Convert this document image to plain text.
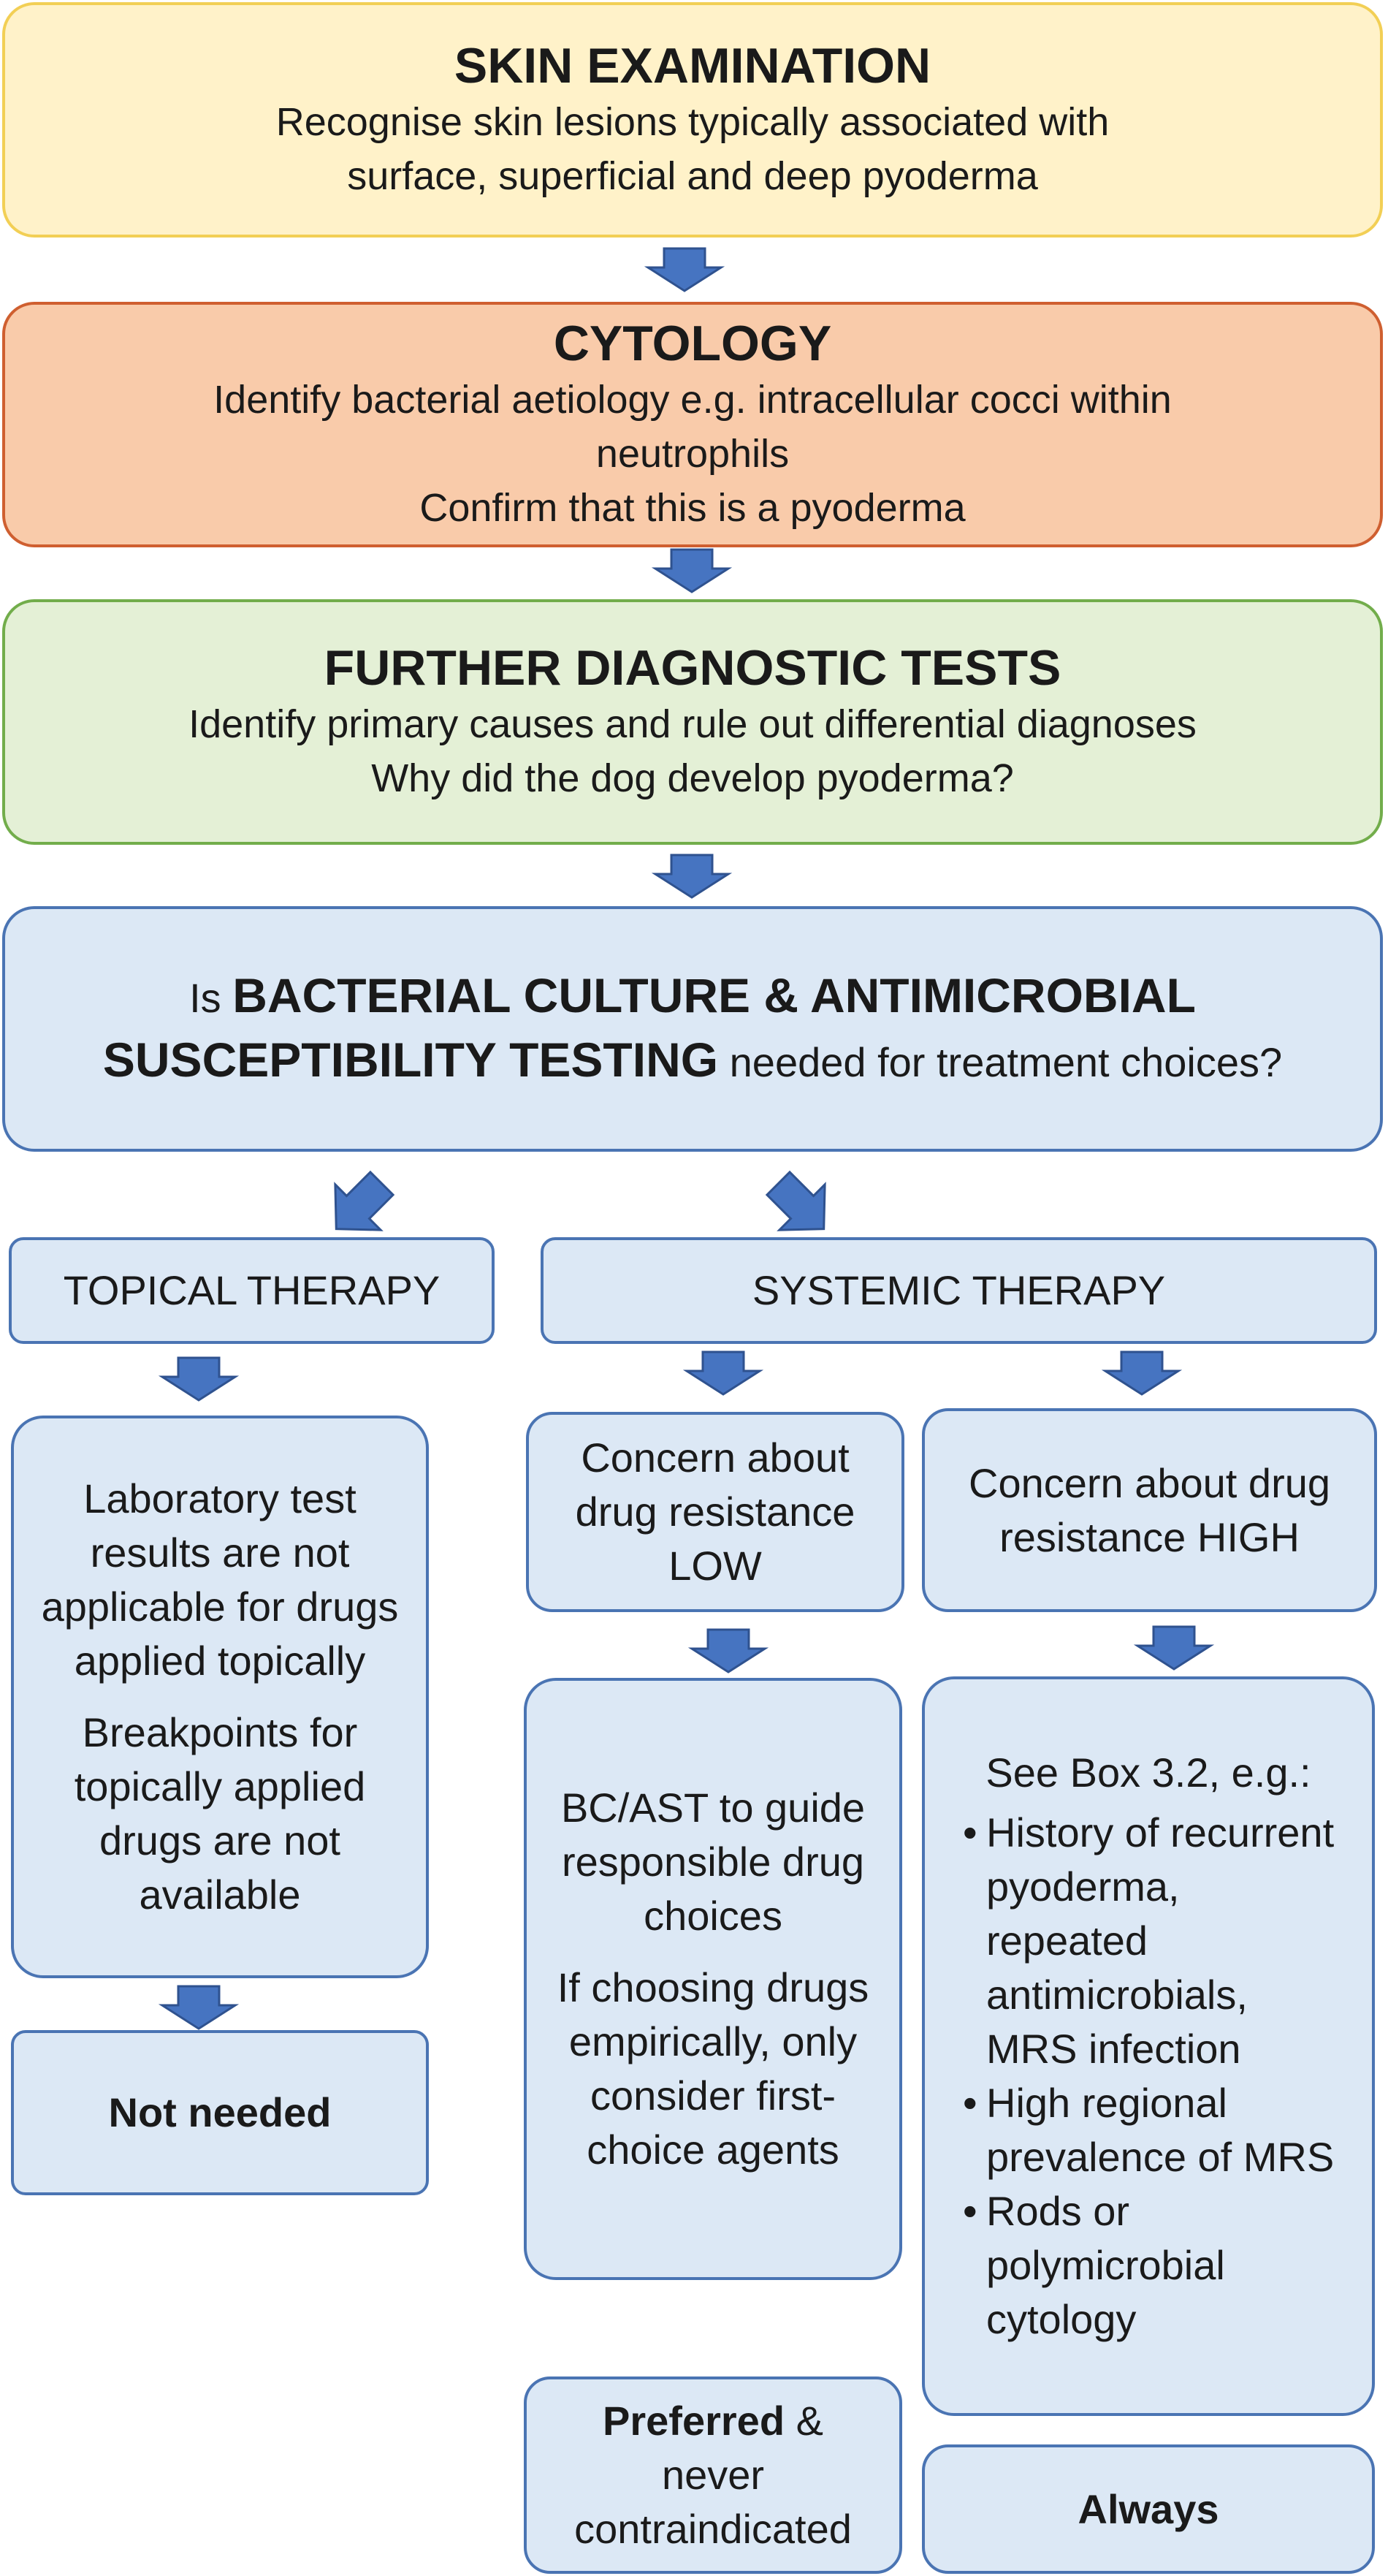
SKIN EXAMINATION
Recognise skin lesions typically associated with
surface, superficial and deep pyoderma
CYTOLOGY
Identify bacterial aetiology e.g. intracellular cocci within
neutrophils
Confirm that this is a pyoderma
FURTHER DIAGNOSTIC TESTS
Identify primary causes and rule out differential diagnoses
Why did the dog develop pyoderma?
Is BACTERIAL CULTURE & ANTIMICROBIAL
SUSCEPTIBILITY TESTING needed for treatment choices?
TOPICAL THERAPY	SYSTEMIC THERAPY
Laboratory test results are not applicable for drugs applied topically
Breakpoints for topically applied drugs are not available
Not needed
Concern about drug resistance LOW
Concern about drug resistance HIGH
BC/AST to guide responsible drug choices
If choosing drugs empirically, only consider first-choice agents
See Box 3.2, e.g.:
• History of recurrent pyoderma, repeated antimicrobials, MRS infection
• High regional prevalence of MRS
• Rods or polymicrobial cytology
Preferred & never contraindicated	Always
